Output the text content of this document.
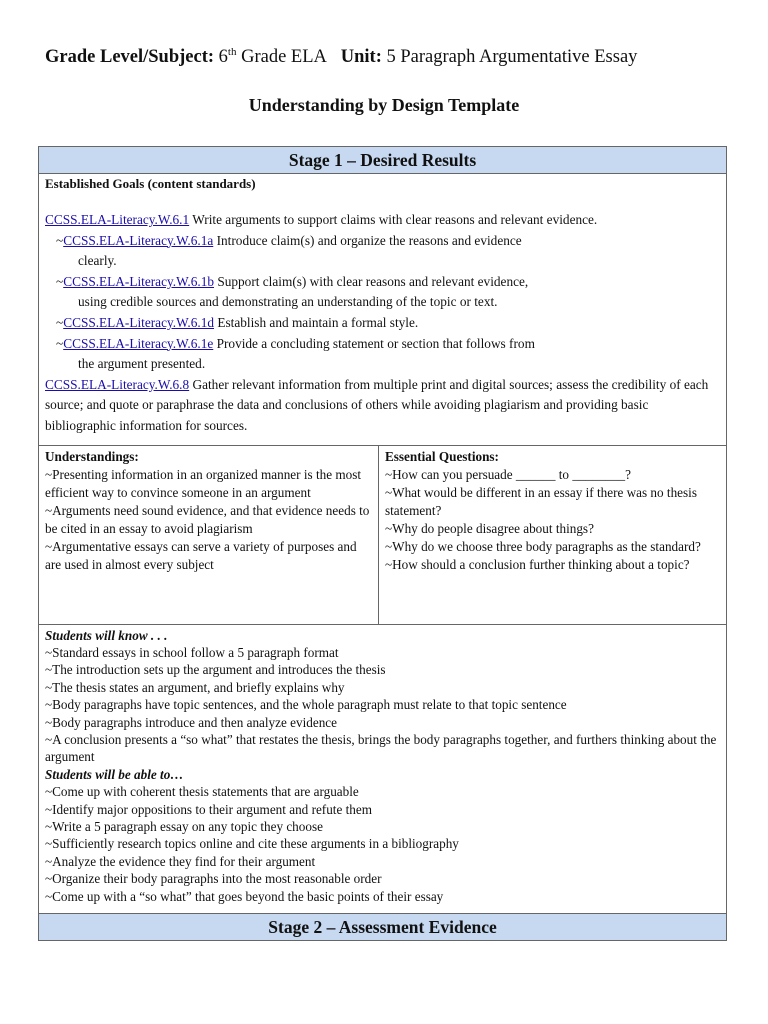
Grade Level/Subject: 6th Grade ELA Unit: 5 Paragraph Argumentative Essay
Understanding by Design Template
Stage 1 – Desired Results

Established Goals (content standards)
CCSS.ELA-Literacy.W.6.1 Write arguments to support claims with clear reasons and relevant evidence.
~CCSS.ELA-Literacy.W.6.1a Introduce claim(s) and organize the reasons and evidence
clearly.
~CCSS.ELA-Literacy.W.6.1b Support claim(s) with clear reasons and relevant evidence,
using credible sources and demonstrating an understanding of the topic or text.
~CCSS.ELA-Literacy.W.6.1d Establish and maintain a formal style.
~CCSS.ELA-Literacy.W.6.1e Provide a concluding statement or section that follows from
the argument presented.
CCSS.ELA-Literacy.W.6.8 Gather relevant information from multiple print and digital sources; assess the credibility of each source; and quote or paraphrase the data and conclusions of others while avoiding plagiarism and providing basic bibliographic information for sources.

Understandings:
~Presenting information in an organized manner is the most efficient way to convince someone in an argument
~Arguments need sound evidence, and that evidence needs to be cited in an essay to avoid plagiarism
~Argumentative essays can serve a variety of purposes and are used in almost every subject

Essential Questions:
~How can you persuade ______ to ________?
~What would be different in an essay if there was no thesis statement?
~Why do people disagree about things?
~Why do we choose three body paragraphs as the standard?
~How should a conclusion further thinking about a topic?

Students will know . . .
~Standard essays in school follow a 5 paragraph format
~The introduction sets up the argument and introduces the thesis
~The thesis states an argument, and briefly explains why
~Body paragraphs have topic sentences, and the whole paragraph must relate to that topic sentence
~Body paragraphs introduce and then analyze evidence
~A conclusion presents a “so what” that restates the thesis, brings the body paragraphs together, and furthers thinking about the argument
Students will be able to…
~Come up with coherent thesis statements that are arguable
~Identify major oppositions to their argument and refute them
~Write a 5 paragraph essay on any topic they choose
~Sufficiently research topics online and cite these arguments in a bibliography
~Analyze the evidence they find for their argument
~Organize their body paragraphs into the most reasonable order
~Come up with a “so what” that goes beyond the basic points of their essay

Stage 2 – Assessment Evidence
